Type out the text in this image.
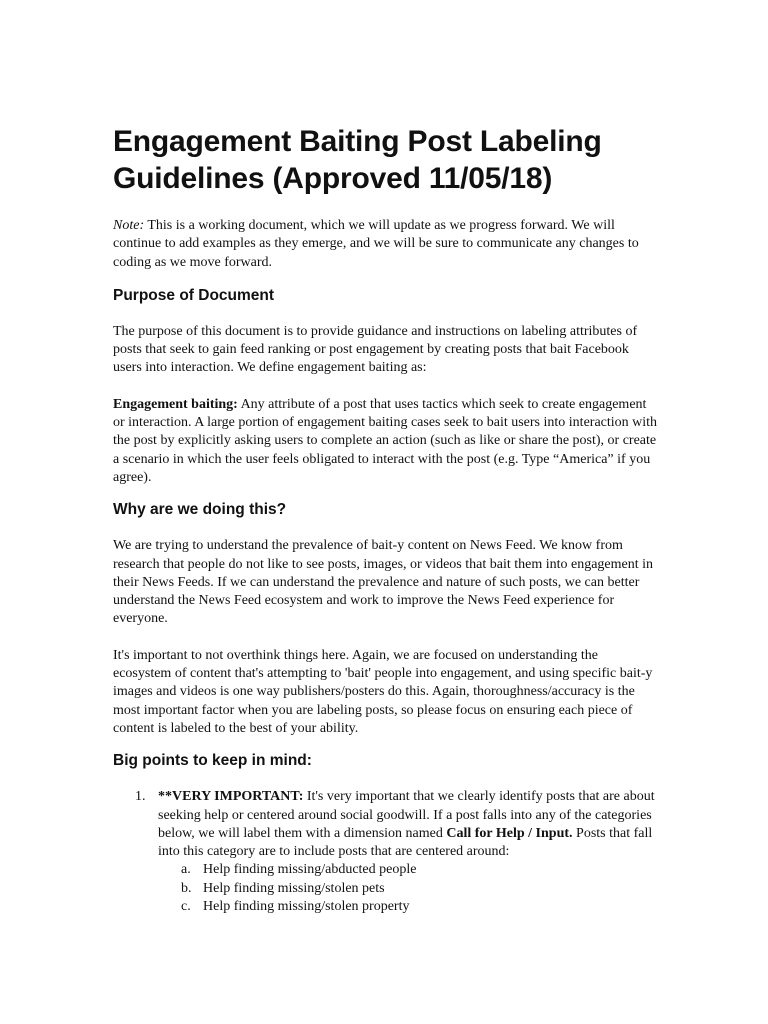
Engagement Baiting Post Labeling Guidelines (Approved 11/05/18)

Note: This is a working document, which we will update as we progress forward. We will continue to add examples as they emerge, and we will be sure to communicate any changes to coding as we move forward.

Purpose of Document

The purpose of this document is to provide guidance and instructions on labeling attributes of posts that seek to gain feed ranking or post engagement by creating posts that bait Facebook users into interaction. We define engagement baiting as:

Engagement baiting: Any attribute of a post that uses tactics which seek to create engagement or interaction. A large portion of engagement baiting cases seek to bait users into interaction with the post by explicitly asking users to complete an action (such as like or share the post), or create a scenario in which the user feels obligated to interact with the post (e.g. Type “America” if you agree).

Why are we doing this?

We are trying to understand the prevalence of bait-y content on News Feed. We know from research that people do not like to see posts, images, or videos that bait them into engagement in their News Feeds. If we can understand the prevalence and nature of such posts, we can better understand the News Feed ecosystem and work to improve the News Feed experience for everyone.

It's important to not overthink things here. Again, we are focused on understanding the ecosystem of content that's attempting to 'bait' people into engagement, and using specific bait-y images and videos is one way publishers/posters do this. Again, thoroughness/accuracy is the most important factor when you are labeling posts, so please focus on ensuring each piece of content is labeled to the best of your ability.

Big points to keep in mind:
1. **VERY IMPORTANT: It's very important that we clearly identify posts that are about seeking help or centered around social goodwill. If a post falls into any of the categories below, we will label them with a dimension named Call for Help / Input. Posts that fall into this category are to include posts that are centered around:
a. Help finding missing/abducted people
b. Help finding missing/stolen pets
c. Help finding missing/stolen property
